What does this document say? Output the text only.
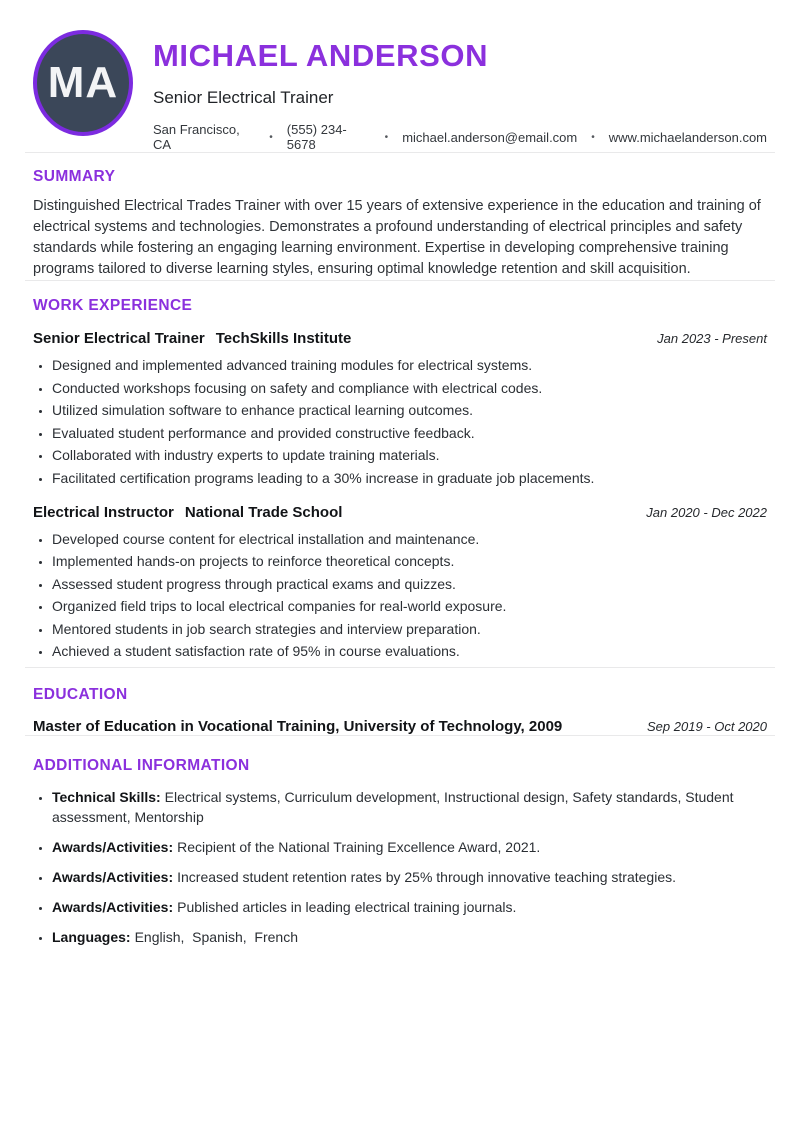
MA
MICHAEL ANDERSON
Senior Electrical Trainer
San Francisco, CA	• (555) 234-5678	• michael.anderson@email.com • www.michaelanderson.com
SUMMARY

Distinguished Electrical Trades Trainer with over 15 years of extensive experience in the education and training of electrical systems and technologies. Demonstrates a profound understanding of electrical principles and safety standards while fostering an engaging learning environment. Expertise in developing comprehensive training programs tailored to diverse learning styles, ensuring optimal knowledge retention and skill acquisition.

WORK EXPERIENCE
Senior Electrical Trainer TechSkills Institute	Jan 2023 - Present
• Designed and implemented advanced training modules for electrical systems.
• Conducted workshops focusing on safety and compliance with electrical codes.
• Utilized simulation software to enhance practical learning outcomes.
• Evaluated student performance and provided constructive feedback.
• Collaborated with industry experts to update training materials.
• Facilitated certification programs leading to a 30% increase in graduate job placements.
Electrical Instructor National Trade School	Jan 2020 - Dec 2022
• Developed course content for electrical installation and maintenance.
• Implemented hands-on projects to reinforce theoretical concepts.
• Assessed student progress through practical exams and quizzes.
• Organized field trips to local electrical companies for real-world exposure.
• Mentored students in job search strategies and interview preparation.
• Achieved a student satisfaction rate of 95% in course evaluations.
EDUCATION
Master of Education in Vocational Training, University of Technology, 2009	Sep 2019 - Oct 2020
ADDITIONAL INFORMATION
• Technical Skills: Electrical systems, Curriculum development, Instructional design, Safety standards, Student assessment, Mentorship
• Awards/Activities: Recipient of the National Training Excellence Award, 2021.
• Awards/Activities: Increased student retention rates by 25% through innovative teaching strategies.
• Awards/Activities: Published articles in leading electrical training journals.
• Languages: English,  Spanish,  French
